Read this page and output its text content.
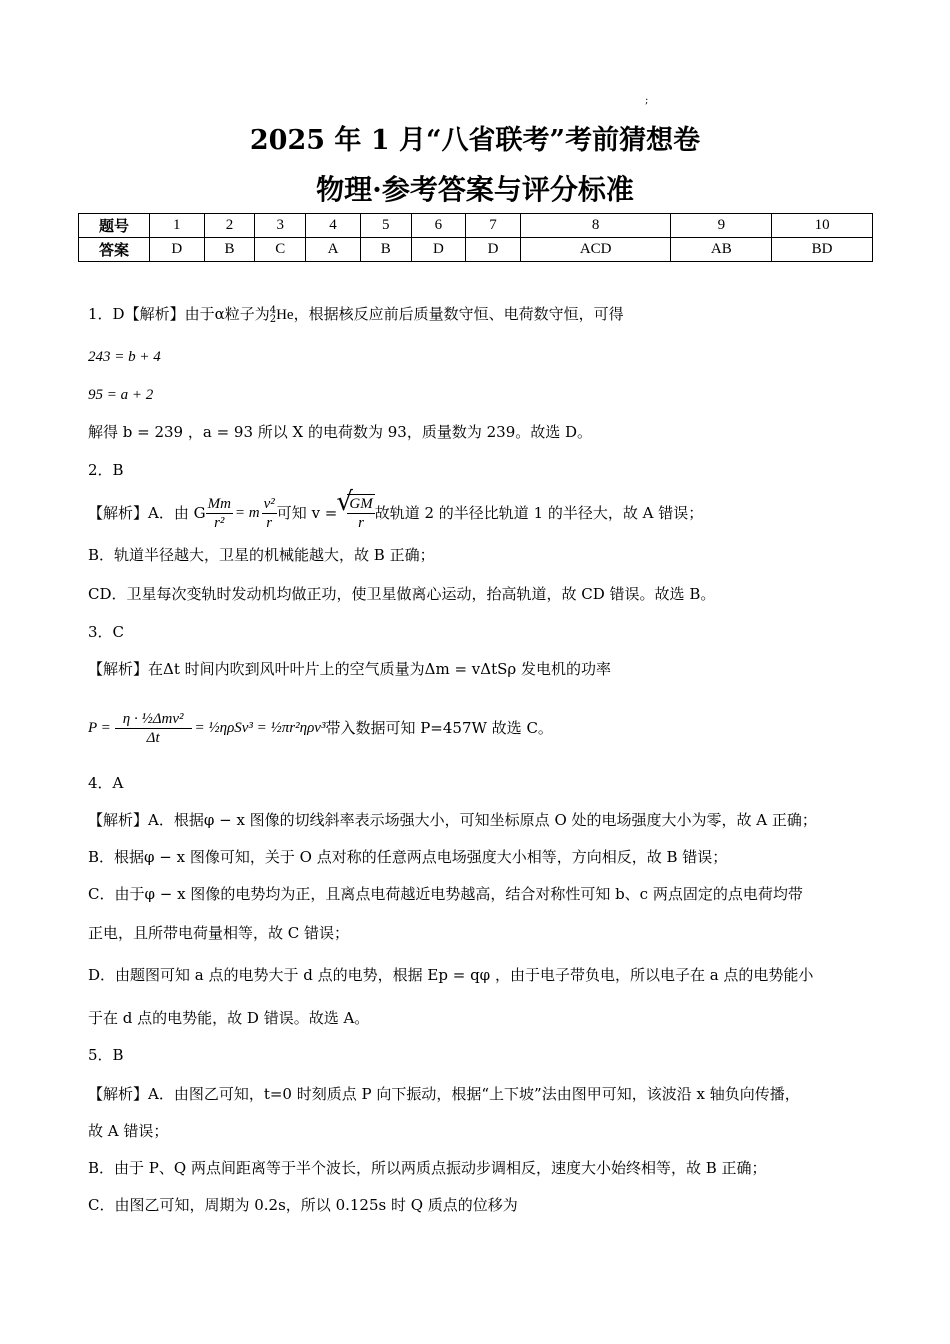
;
2025 年 1 月“八省联考”考前猜想卷
物理·参考答案与评分标准
题号	1	2	3	4	5	6	7	8	9	10
答案	D	B	C	A	B	D	D	ACD	AB	BD
1．D【解析】由于α粒子为 4
2 He，根据核反应前后质量数守恒、电荷数守恒，可得
243 = b + 4
95 = a + 2
解得 b = 239 ，a = 93 所以 X 的电荷数为 93，质量数为 239。故选 D。
2．B
【解析】A．由 G $\frac{Mm}{\text{r²}} = m \frac{\text{v²}}{r}$ 可知 v = √ $\frac{GM}{r}$ 故轨道 2 的半径比轨道 1 的半径大，故 A 错误；
B．轨道半径越大，卫星的机械能越大，故 B 正确；
CD．卫星每次变轨时发动机均做正功，使卫星做离心运动，抬高轨道，故 CD 错误。故选 B。
3．C
【解析】在Δt 时间内吹到风叶叶片上的空气质量为Δm = vΔtSρ 发电机的功率
$P = \frac{\text{η · ½Δmv²}}{\Delta t}$ = ½ηρSv³ = ½πr²ηρv³ 带入数据可知 P=457W 故选 C。
4．A
【解析】A．根据φ − x 图像的切线斜率表示场强大小，可知坐标原点 O 处的电场强度大小为零，故 A 正确；
B．根据φ − x 图像可知，关于 O 点对称的任意两点电场强度大小相等，方向相反，故 B 错误；
C．由于φ − x 图像的电势均为正，且离点电荷越近电势越高，结合对称性可知 b、c 两点固定的点电荷均带
正电，且所带电荷量相等，故 C 错误；
D．由题图可知 a 点的电势大于 d 点的电势，根据 Ep = qφ ，由于电子带负电，所以电子在 a 点的电势能小
于在 d 点的电势能，故 D 错误。故选 A。
5．B
【解析】A．由图乙可知，t=0 时刻质点 P 向下振动，根据“上下坡”法由图甲可知，该波沿 x 轴负向传播，
故 A 错误；
B．由于 P、Q 两点间距离等于半个波长，所以两质点振动步调相反，速度大小始终相等，故 B 正确；
C．由图乙可知，周期为 0.2s，所以 0.125s 时 Q 质点的位移为
